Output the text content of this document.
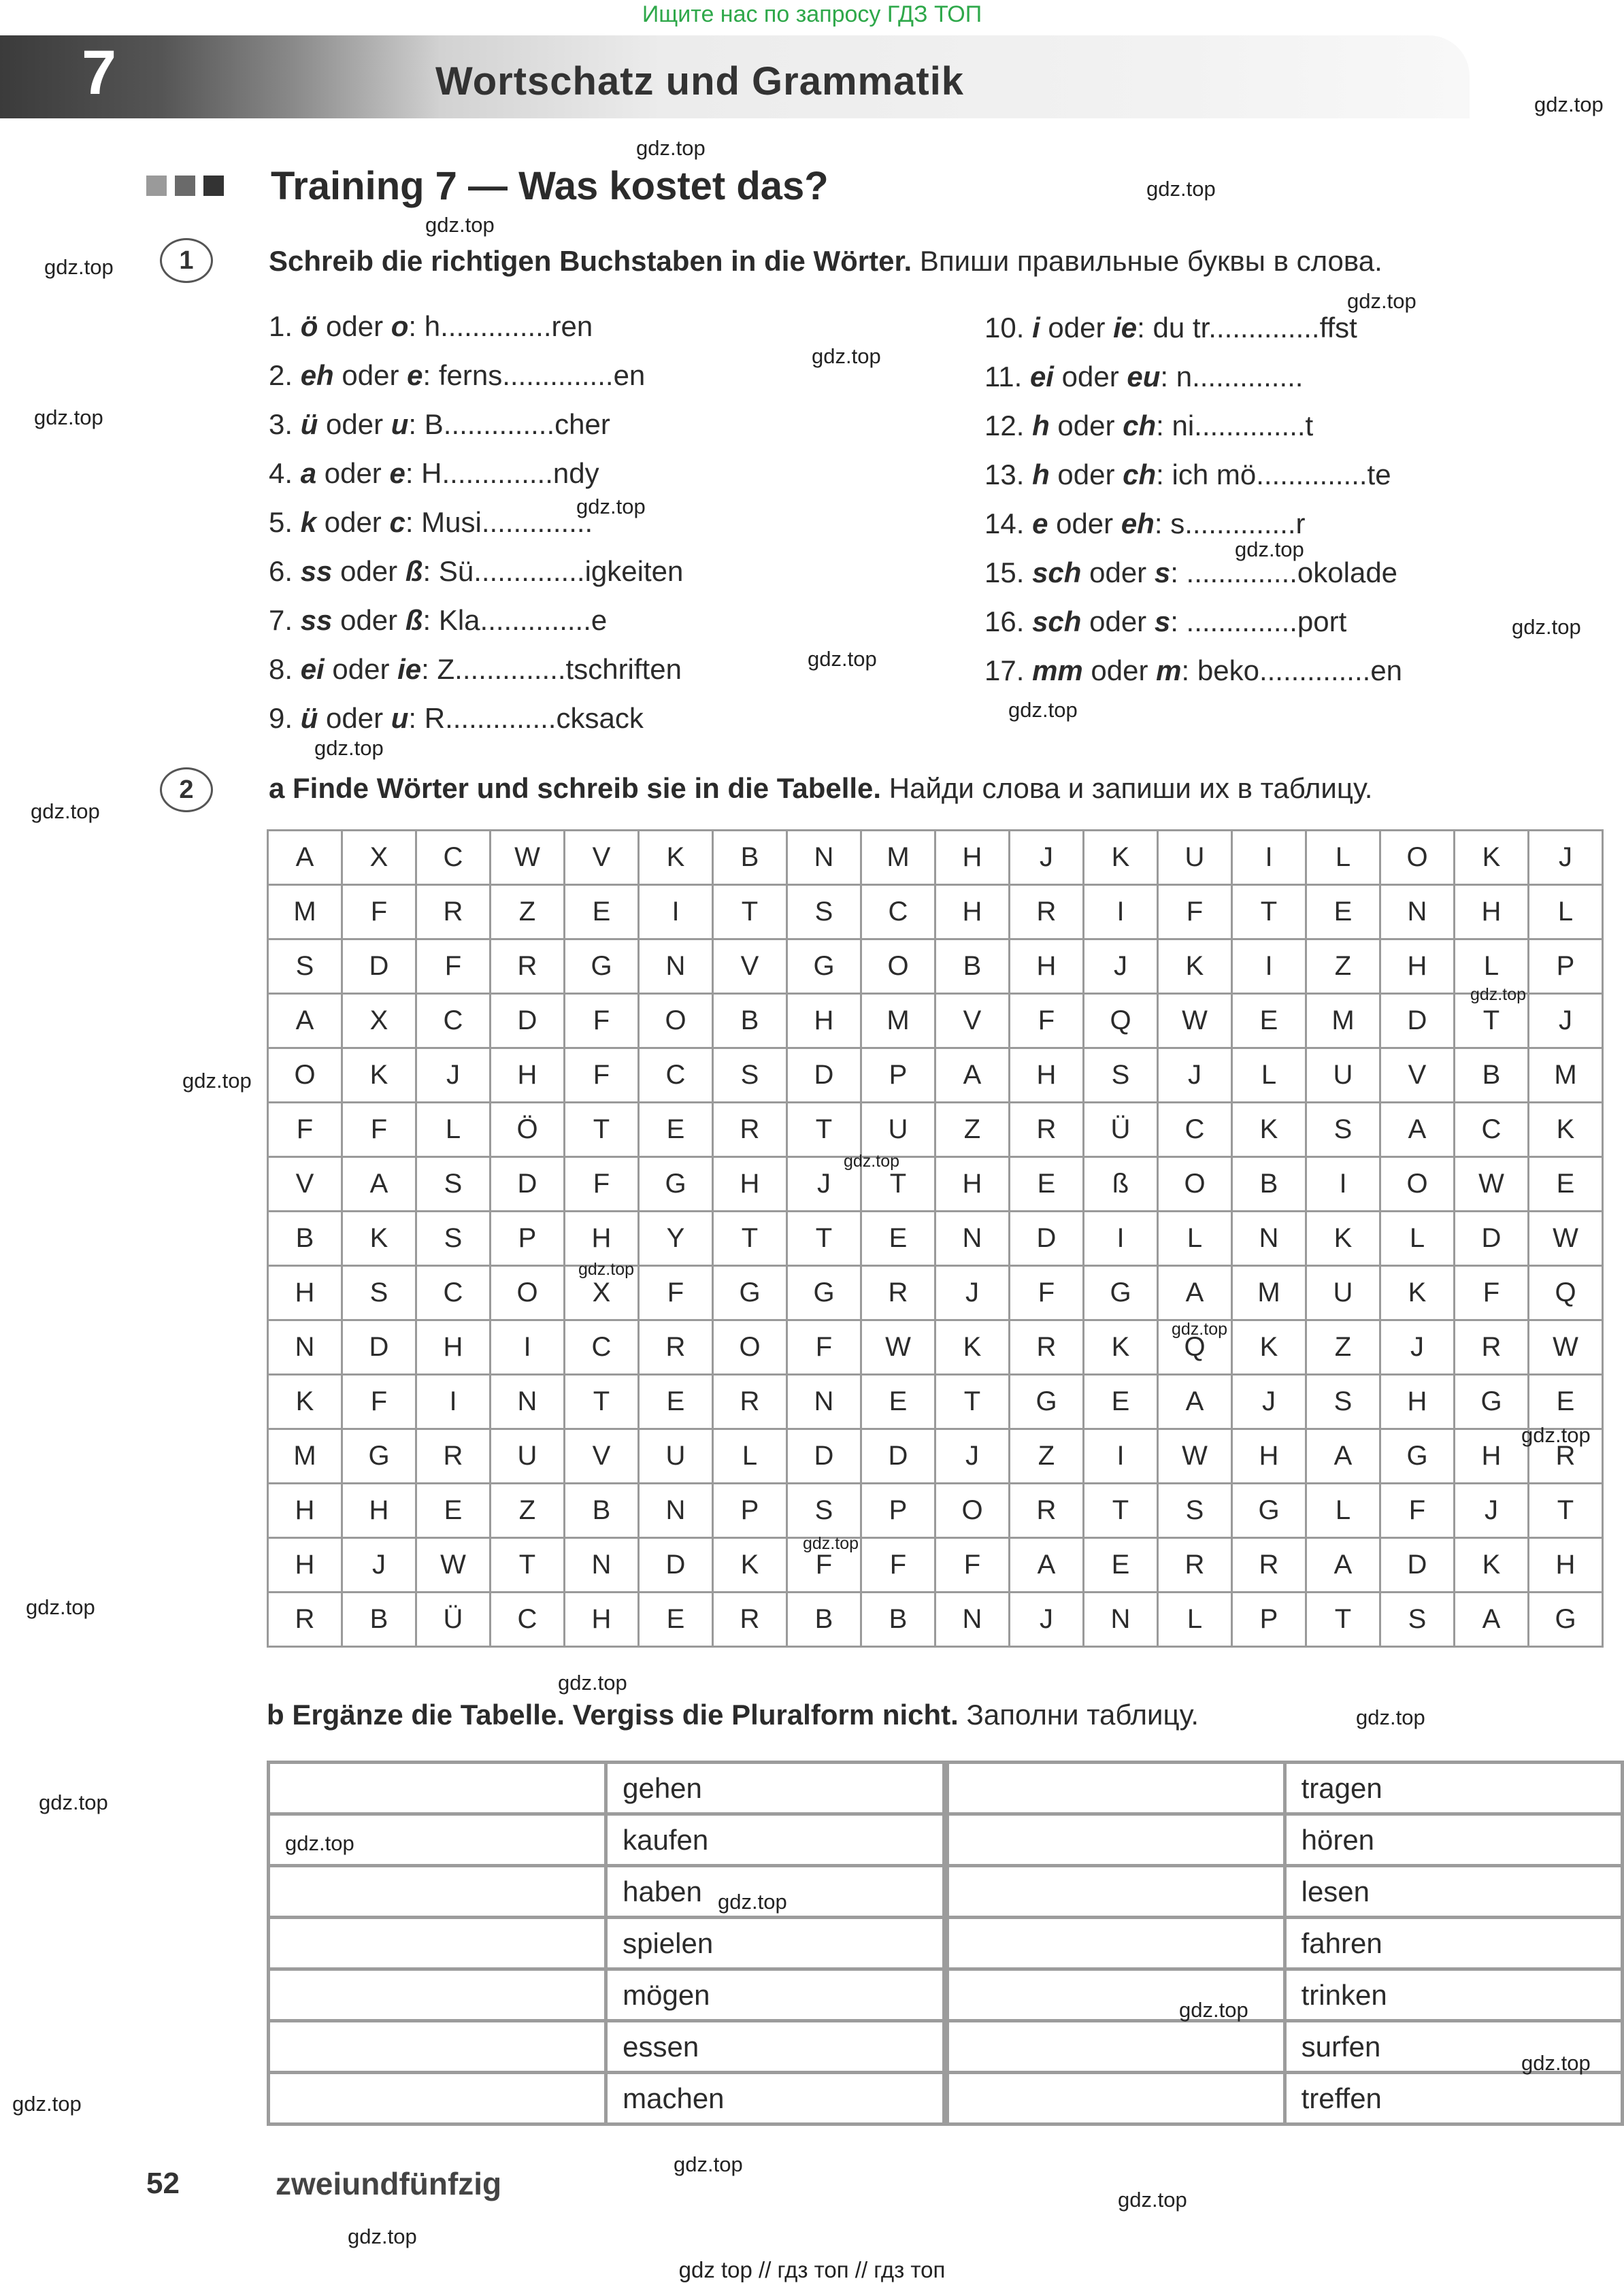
Ищите нас по запросу ГДЗ ТОП
7	Wortschatz und Grammatik
Training 7 — Was kostet das?
1	Schreib die richtigen Buchstaben in die Wörter. Впиши правильные буквы в слова.
1. ö oder o: h..............ren
2. eh oder e: ferns..............en
3. ü oder u: B..............cher
4. a oder e: H..............ndy
5. k oder c: Musi..............
6. ss oder ß: Sü..............igkeiten
7. ss oder ß: Kla..............e
8. ei oder ie: Z..............tschriften
9. ü oder u: R..............cksack
10. i oder ie: du tr..............ffst
11. ei oder eu: n..............
12. h oder ch: ni..............t
13. h oder ch: ich mö..............te
14. e oder eh: s..............r
15. sch oder s: ..............okolade
16. sch oder s: ..............port
17. mm oder m: beko..............en
2	a Finde Wörter und schreib sie in die Tabelle. Найди слова и запиши их в таблицу.
A	X	C	W	V	K	B	N	M	H	J	K	U	I	L	O	K	J
M	F	R	Z	E	I	T	S	C	H	R	I	F	T	E	N	H	L
S	D	F	R	G	N	V	G	O	B	H	J	K	I	Z	H	L	P
A	X	C	D	F	O	B	H	M	V	F	Q	W	E	M	D	T	J
O	K	J	H	F	C	S	D	P	A	H	S	J	L	U	V	B	M
F	F	L	Ö	T	E	R	T	U	Z	R	Ü	C	K	S	A	C	K
V	A	S	D	F	G	H	J	T	H	E	ß	O	B	I	O	W	E
B	K	S	P	H	Y	T	T	E	N	D	I	L	N	K	L	D	W
H	S	C	O	X	F	G	G	R	J	F	G	A	M	U	K	F	Q
N	D	H	I	C	R	O	F	W	K	R	K	Q	K	Z	J	R	W
K	F	I	N	T	E	R	N	E	T	G	E	A	J	S	H	G	E
M	G	R	U	V	U	L	D	D	J	Z	I	W	H	A	G	H	R
H	H	E	Z	B	N	P	S	P	O	R	T	S	G	L	F	J	T
H	J	W	T	N	D	K	F	F	F	A	E	R	R	A	D	K	H
R	B	Ü	C	H	E	R	B	B	N	J	N	L	P	T	S	A	G
b Ergänze die Tabelle. Vergiss die Pluralform nicht. Заполни таблицу.
	gehen			tragen
	kaufen			hören
	haben			lesen
	spielen			fahren
	mögen			trinken
	essen			surfen
	machen			treffen
52	zweiundfünfzig
gdz.top
gdz.top
gdz.top
gdz.top
gdz.top
gdz.top
gdz.top
gdz.top
gdz.top
gdz.top
gdz.top
gdz.top
gdz.top
gdz.top
gdz.top
gdz.top
gdz.top
gdz.top
gdz.top
gdz.top
gdz.top
gdz.top
gdz.top
gdz.top
gdz.top
gdz.top
gdz.top
gdz.top
gdz.top
gdz.top
gdz.top
gdz.top
gdz.top
gdz.top
gdz top // гдз топ // гдз топ
